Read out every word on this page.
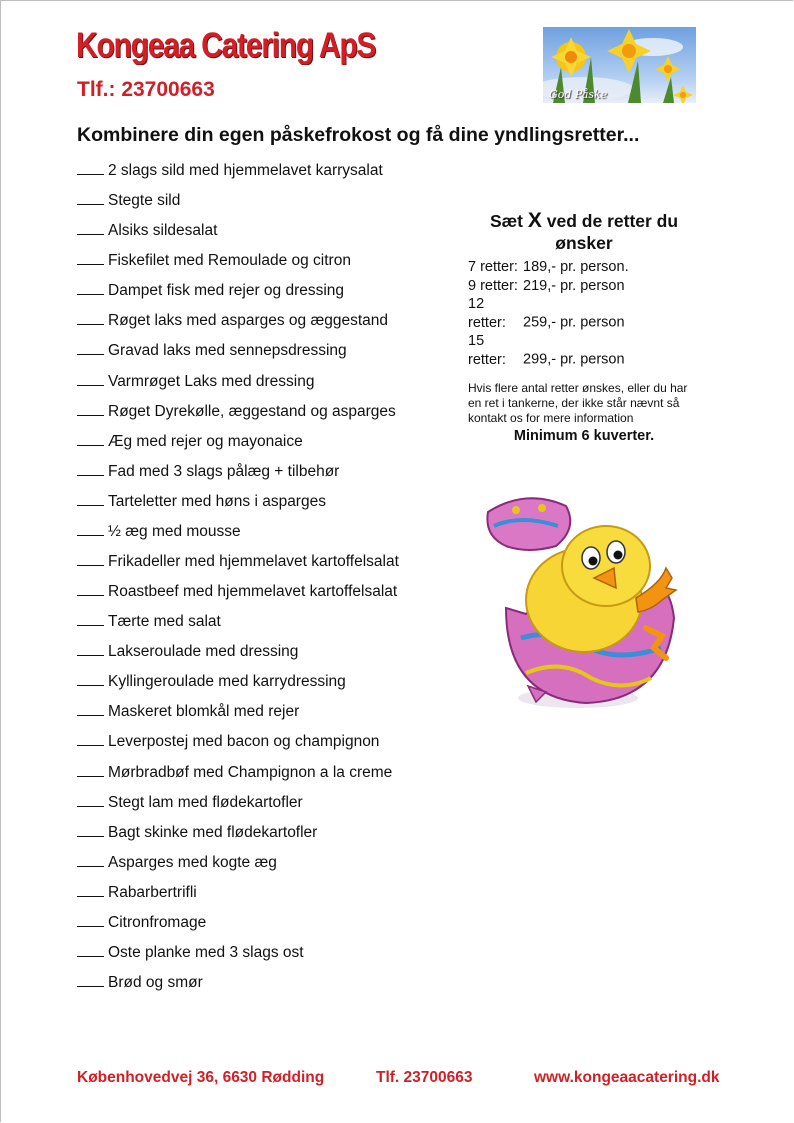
Kongeaa Catering ApS
Tlf.: 23700663	God Påske
Kombinere din egen påskefrokost og få dine yndlingsretter...
2 slags sild med hjemmelavet karrysalat
Stegte sild
Alsiks sildesalat
Fiskefilet med Remoulade og citron
Dampet fisk med rejer og dressing
Røget laks med asparges og æggestand
Gravad laks med sennepsdressing
Varmrøget Laks med dressing
Røget Dyrekølle, æggestand og asparges
Æg med rejer og mayonaice
Fad med 3 slags pålæg + tilbehør
Tarteletter med høns i asparges
½ æg med mousse
Frikadeller med hjemmelavet kartoffelsalat
Roastbeef med hjemmelavet kartoffelsalat
Tærte med salat
Lakseroulade med dressing
Kyllingeroulade med karrydressing
Maskeret blomkål med rejer
Leverpostej med bacon og champignon
Mørbradbøf med Champignon a la creme
Stegt lam med flødekartofler
Bagt skinke med flødekartofler
Asparges med kogte æg
Rabarbertrifli
Citronfromage
Oste planke med 3 slags ost
Brød og smør
Sæt X ved de retter du ønsker
7 retter: 189,- pr. person.
9 retter: 219,- pr. person
12 retter: 259,- pr. person
15 retter: 299,- pr. person
Hvis flere antal retter ønskes, eller du har en ret i tankerne, der ikke står nævnt så kontakt os for mere information
Minimum 6 kuverter.
Københovedvej 36, 6630 Rødding	Tlf. 23700663	www.kongeaacatering.dk
